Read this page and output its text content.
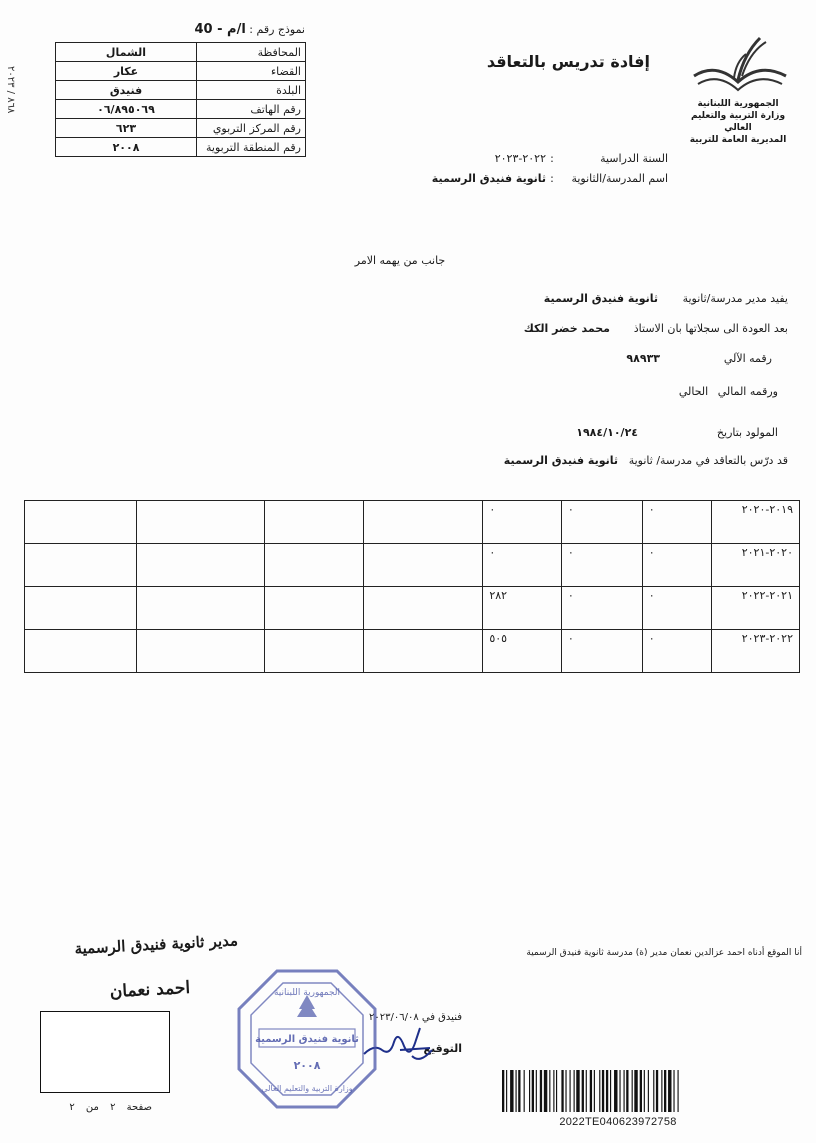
نموذج رقم : ا/م - 40
المحافظة	الشمال
القضاء	عكار
البلدة	فنيدق
رقم الهاتف	٠٦/٨٩٥٠٦٩
رقم المركز التربوي	٦٢٣
رقم المنطقة التربوية	٢٠٠٨
٨٦٨ / ٢٠٢٣	الجمهورية اللبنانية
وزارة التربية والتعليم العالي
المديرية العامة للتربية
إفادة تدريس بالتعاقد
السنة الدراسية:٢٠٢٢-٢٠٢٣
اسم المدرسة/الثانوية:ثانوية فنيدق الرسمية
جانب من يهمه الامر
يفيد مدير مدرسة/ثانويةثانوية فنيدق الرسمية
بعد العودة الى سجلاتها بان الاستاذمحمد خضر الكك
رقمه الآلي٩٨٩٣٣
ورقمه المالي الحالي
المولود بتاريخ١٩٨٤/١٠/٢٤
قد درّس بالتعاقد في مدرسة/ ثانويةثانوية فنيدق الرسمية
٢٠١٩-٢٠٢٠	٠	٠	٠				
٢٠٢٠-٢٠٢١	٠	٠	٠				
٢٠٢١-٢٠٢٢	٠	٠	٢٨٢				
٢٠٢٢-٢٠٢٣	٠	٠	٥٠٥				
أنا الموقع أدناه احمد عزالدين نعمان مدير (ة) مدرسة ثانوية فنيدق الرسمية
فنيدق في ٢٠٢٣/٠٦/٠٨
التوقيع
ثانوية فنيدق الرسمية
٢٠٠٨
الجمهورية اللبنانية
وزارة التربية والتعليم العالي
مدير ثانوية فنيدق الرسمية
احمد نعمان
صفحة ٢ من ٢
2022TE040623972758
